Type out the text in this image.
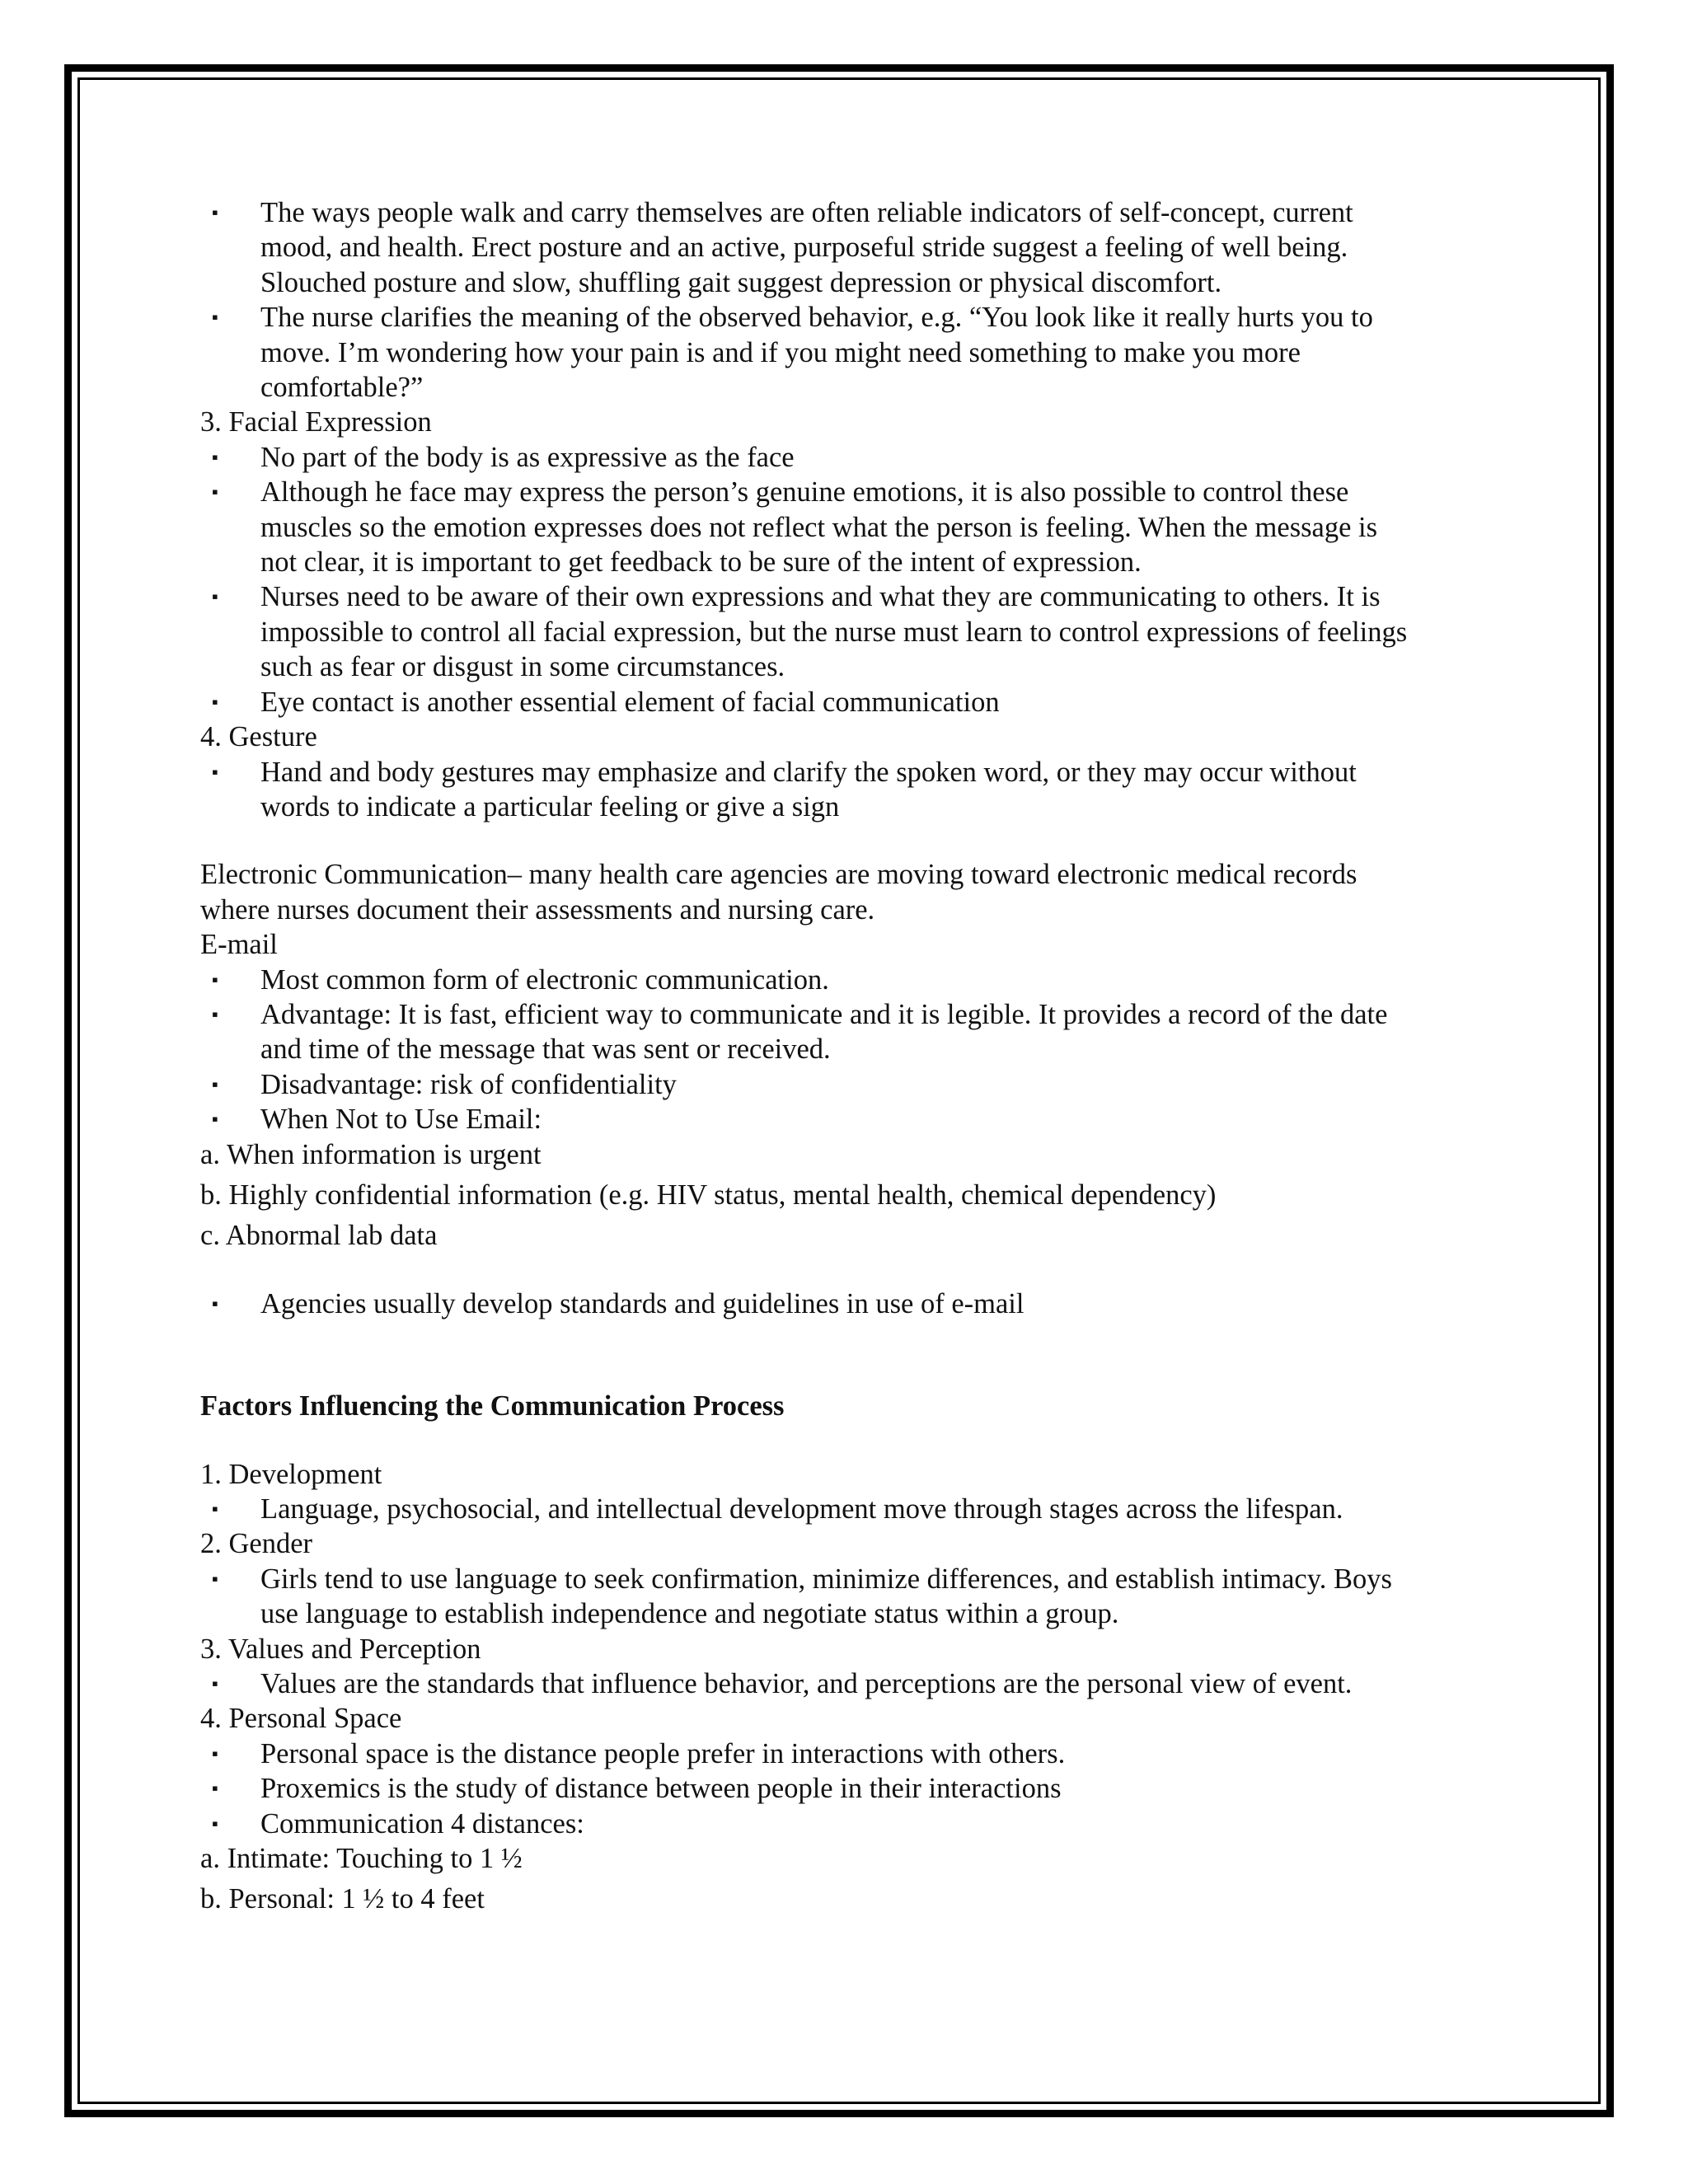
▪ The ways people walk and carry themselves are often reliable indicators of self-concept, current
mood, and health. Erect posture and an active, purposeful stride suggest a feeling of well being.
Slouched posture and slow, shuffling gait suggest depression or physical discomfort.
▪ The nurse clarifies the meaning of the observed behavior, e.g. “You look like it really hurts you to
move. I’m wondering how your pain is and if you might need something to make you more
comfortable?”
3. Facial Expression
▪ No part of the body is as expressive as the face
▪ Although he face may express the person’s genuine emotions, it is also possible to control these
muscles so the emotion expresses does not reflect what the person is feeling. When the message is
not clear, it is important to get feedback to be sure of the intent of expression.
▪ Nurses need to be aware of their own expressions and what they are communicating to others. It is
impossible to control all facial expression, but the nurse must learn to control expressions of feelings
such as fear or disgust in some circumstances.
▪ Eye contact is another essential element of facial communication
4. Gesture
▪ Hand and body gestures may emphasize and clarify the spoken word, or they may occur without
words to indicate a particular feeling or give a sign
Electronic Communication– many health care agencies are moving toward electronic medical records
where nurses document their assessments and nursing care.
E-mail
▪ Most common form of electronic communication.
▪ Advantage: It is fast, efficient way to communicate and it is legible. It provides a record of the date
and time of the message that was sent or received.
▪ Disadvantage: risk of confidentiality
▪ When Not to Use Email:
a. When information is urgent
b. Highly confidential information (e.g. HIV status, mental health, chemical dependency)
c. Abnormal lab data
▪ Agencies usually develop standards and guidelines in use of e-mail
Factors Influencing the Communication Process
1. Development
▪ Language, psychosocial, and intellectual development move through stages across the lifespan.
2. Gender
▪ Girls tend to use language to seek confirmation, minimize differences, and establish intimacy. Boys
use language to establish independence and negotiate status within a group.
3. Values and Perception
▪ Values are the standards that influence behavior, and perceptions are the personal view of event.
4. Personal Space
▪ Personal space is the distance people prefer in interactions with others.
▪ Proxemics is the study of distance between people in their interactions
▪ Communication 4 distances:
a. Intimate: Touching to 1 ½
b. Personal: 1 ½ to 4 feet
